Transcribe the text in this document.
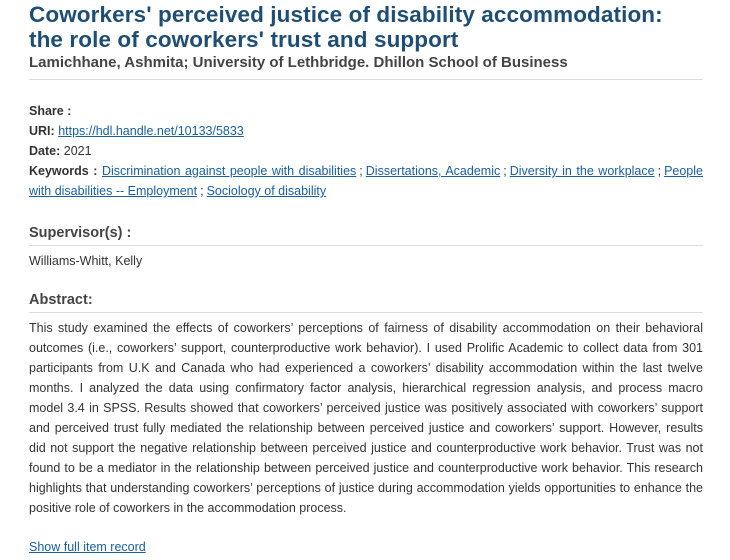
Coworkers' perceived justice of disability accommodation: the role of coworkers' trust and support
Lamichhane, Ashmita; University of Lethbridge. Dhillon School of Business
Share :
URI: https://hdl.handle.net/10133/5833
Date: 2021
Keywords : Discrimination against people with disabilities ; Dissertations, Academic ; Diversity in the workplace ; People with disabilities -- Employment ; Sociology of disability
Supervisor(s) :
Williams-Whitt, Kelly
Abstract:

This study examined the effects of coworkers’ perceptions of fairness of disability accommodation on their behavioral outcomes (i.e., coworkers’ support, counterproductive work behavior). I used Prolific Academic to collect data from 301 participants from U.K and Canada who had experienced a coworkers’ disability accommodation within the last twelve months. I analyzed the data using confirmatory factor analysis, hierarchical regression analysis, and process macro model 3.4 in SPSS. Results showed that coworkers’ perceived justice was positively associated with coworkers’ support and perceived trust fully mediated the relationship between perceived justice and coworkers’ support. However, results did not support the negative relationship between perceived justice and counterproductive work behavior. Trust was not found to be a mediator in the relationship between perceived justice and counterproductive work behavior. This research highlights that understanding coworkers’ perceptions of justice during accommodation yields opportunities to enhance the positive role of coworkers in the accommodation process.

Show full item record
